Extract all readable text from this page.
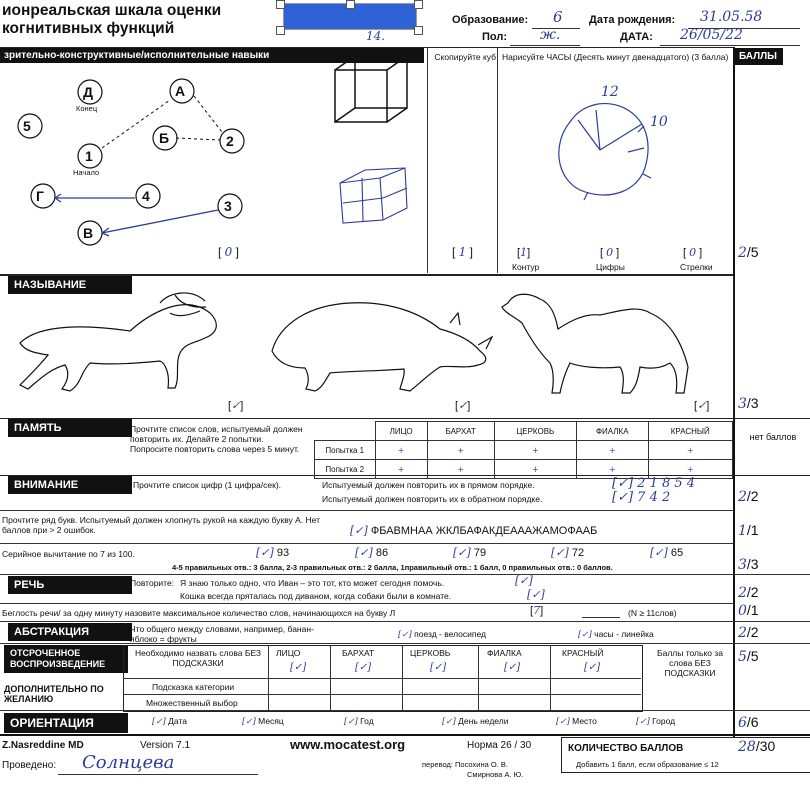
ионреальская шкала оценки
когнитивных функций	14.
Образование: 6 Дата рождения: 31.05.58
Пол: ж.	ДАТА: 26/05/22
зрительно-конструктивные/исполнительные навыки
5
Д	А
Б	2
1
Г	4
3
В
Конец
Начало
[ 0 ]
Скопируйте куб
[ 1 ]
Нарисуйте ЧАСЫ (Десять минут двенадцатого) (3 балла)
12
10
[1]	[ 0 ]	[ 0 ]
Контур	Цифры	Стрелки
БАЛЛЫ
2/5
НАЗЫВАНИЕ
[✓]	[✓]	[✓] 3/3
ПАМЯТЬ	Прочтите список слов, испытуемый должен повторить их. Делайте 2 попытки. Попросите повторить слова через 5 минут.
	ЛИЦО	БАРХАТ	ЦЕРКОВЬ	ФИАЛКА	КРАСНЫЙ
Попытка 1	+	+	+	+	+
Попытка 2	+	+	+	+	+
нет баллов
ВНИМАНИЕ	Прочтите список цифр (1 цифра/сек).	Испытуемый должен повторить их в прямом порядке.	[✓] 2 1 8 5 4
Испытуемый должен повторить их в обратном порядке.	[✓] 7 4 2	2/2
Прочтите ряд букв. Испытуемый должен хлопнуть рукой на каждую букву А. Нет баллов при > 2 ошибок.	[✓] ФБАВМНАА ЖКЛБАФАКДЕАААЖАМОФААБ	1/1
Серийное вычитание по 7 из 100.	[✓] 93	[✓] 86	[✓] 79	[✓] 72	[✓] 65
4-5 правильных отв.: 3 балла, 2-3 правильных отв.: 2 балла, 1правильный отв.: 1 балл, 0 правильных отв.: 0 баллов.	3/3
РЕЧЬ	Повторите: Я знаю только одно, что Иван – это тот, кто может сегодня помочь.
Кошка всегда пряталась под диваном, когда собаки были в комнате.
[✓]
[✓]	2/2
Беглость речи/ за одну минуту назовите максимальное количество слов, начинающихся на букву Л	[7]	(N ≥ 11слов)	0/1
АБСТРАКЦИЯ	Что общего между словами, например, банан-яблоко = фрукты	[✓] поезд - велосипед	[✓] часы - линейка	2/2
ОТСРОЧЕННОЕ ВОСПРОИЗВЕДЕНИЕ
Необходимо назвать слова БЕЗ ПОДСКАЗКИ
ЛИЦО	БАРХАТ	ЦЕРКОВЬ	ФИАЛКА	КРАСНЫЙ
[✓]	[✓]	[✓]	[✓]	[✓]
ДОПОЛНИТЕЛЬНО ПО ЖЕЛАНИЮ
Подсказка категории
Множественный выбор
Баллы только за слова БЕЗ ПОДСКАЗКИ
5/5
ОРИЕНТАЦИЯ	[✓] Дата	[✓] Месяц	[✓] Год	[✓] День недели	[✓] Место	[✓] Город	6/6
Z.Nasreddine MD	Version 7.1	www.mocatest.org	Норма 26 / 30	КОЛИЧЕСТВО БАЛЛОВ	28/30
Добавить 1 балл, если образование ≤ 12
Проведено: Солнцева	перевод: Посохина О. В.
Смирнова А. Ю.
